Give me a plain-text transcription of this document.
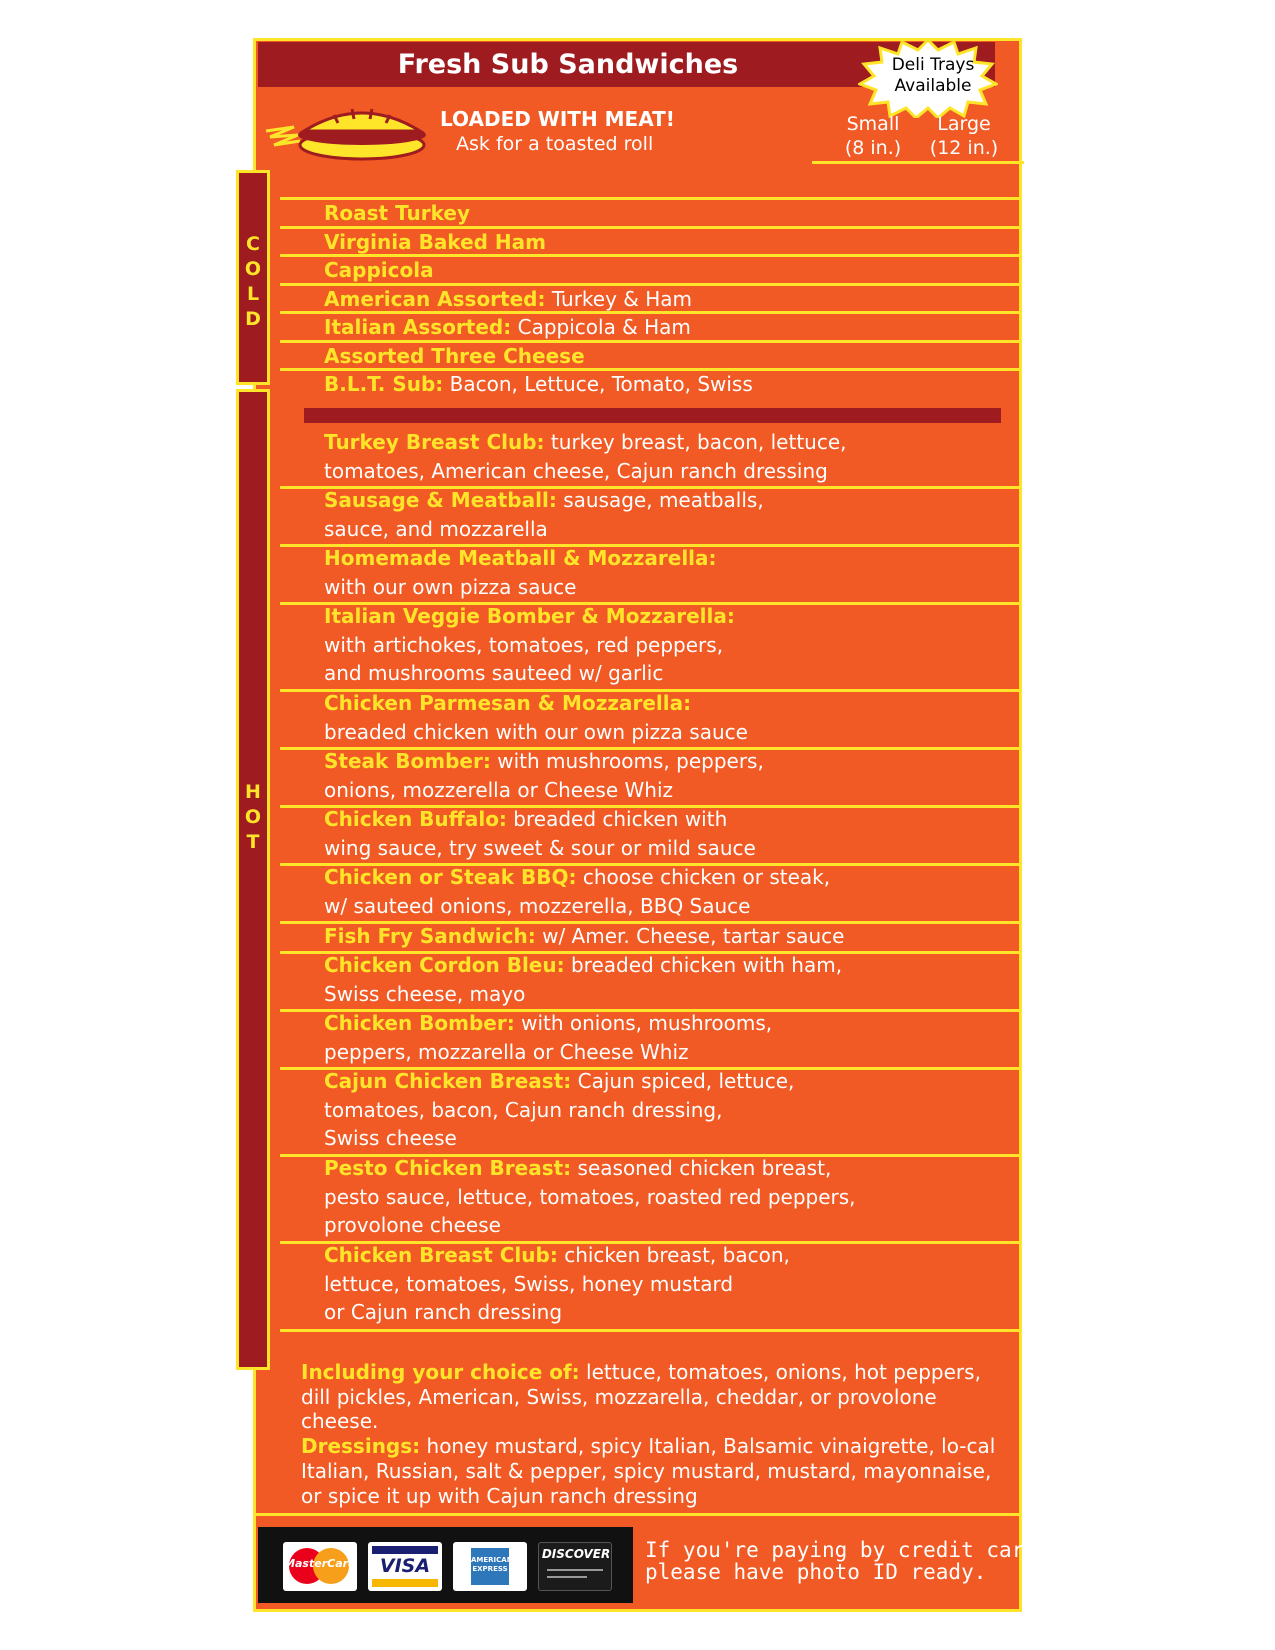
Fresh Sub Sandwiches	Deli Trays
Available
LOADED WITH MEAT!
Ask for a toasted roll
Small
(8 in.)
Large
(12 in.)
C
O
L
D
H
O
T
Roast Turkey
Virginia Baked Ham
Cappicola
American Assorted: Turkey & Ham
Italian Assorted: Cappicola & Ham
Assorted Three Cheese
B.L.T. Sub: Bacon, Lettuce, Tomato, Swiss
Turkey Breast Club: turkey breast, bacon, lettuce,
tomatoes, American cheese, Cajun ranch dressing
Sausage & Meatball: sausage, meatballs,
sauce, and mozzarella
Homemade Meatball & Mozzarella:
with our own pizza sauce
Italian Veggie Bomber & Mozzarella:
with artichokes, tomatoes, red peppers,
and mushrooms sauteed w/ garlic
Chicken Parmesan & Mozzarella:
breaded chicken with our own pizza sauce
Steak Bomber: with mushrooms, peppers,
onions, mozzerella or Cheese Whiz
Chicken Buffalo: breaded chicken with
wing sauce, try sweet & sour or mild sauce
Chicken or Steak BBQ: choose chicken or steak,
w/ sauteed onions, mozzerella, BBQ Sauce
Fish Fry Sandwich: w/ Amer. Cheese, tartar sauce
Chicken Cordon Bleu: breaded chicken with ham,
Swiss cheese, mayo
Chicken Bomber: with onions, mushrooms,
peppers, mozzarella or Cheese Whiz
Cajun Chicken Breast: Cajun spiced, lettuce,
tomatoes, bacon, Cajun ranch dressing,
Swiss cheese
Pesto Chicken Breast: seasoned chicken breast,
pesto sauce, lettuce, tomatoes, roasted red peppers,
provolone cheese
Chicken Breast Club: chicken breast, bacon,
lettuce, tomatoes, Swiss, honey mustard
or Cajun ranch dressing
Including your choice of: lettuce, tomatoes, onions, hot peppers, dill pickles, American, Swiss, mozzarella, cheddar, or provolone cheese.
Dressings: honey mustard, spicy Italian, Balsamic vinaigrette, lo-cal Italian, Russian, salt & pepper, spicy mustard, mustard, mayonnaise, or spice it up with Cajun ranch dressing
MasterCard	VISA	AMERICAN EXPRESS
DISCOVER If you're paying by credit card,
please have photo ID ready.
